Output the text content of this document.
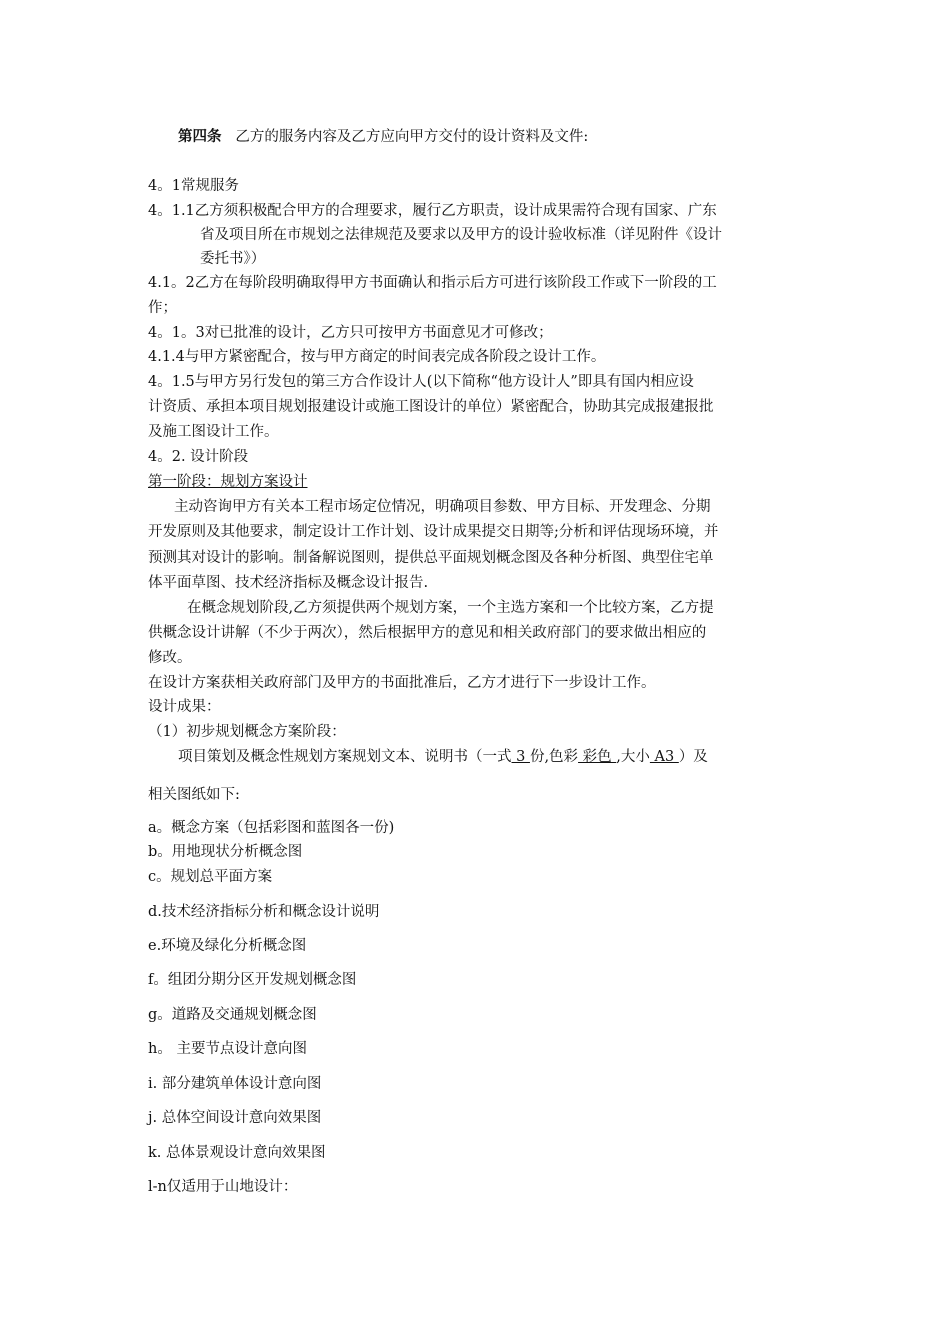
第四条 乙方的服务内容及乙方应向甲方交付的设计资料及文件:
4。1常规服务
4。1.1乙方须积极配合甲方的合理要求，履行乙方职责，设计成果需符合现有国家、广东
省及项目所在市规划之法律规范及要求以及甲方的设计验收标准（详见附件《设计
委托书》）
4.1。2乙方在每阶段明确取得甲方书面确认和指示后方可进行该阶段工作或下一阶段的工
作；
4。1。3对已批准的设计，乙方只可按甲方书面意见才可修改；
4.1.4与甲方紧密配合，按与甲方商定的时间表完成各阶段之设计工作。
4。1.5与甲方另行发包的第三方合作设计人(以下简称“他方设计人”即具有国内相应设
计资质、承担本项目规划报建设计或施工图设计的单位）紧密配合，协助其完成报建报批
及施工图设计工作。
4。2. 设计阶段
第一阶段：规划方案设计
主动咨询甲方有关本工程市场定位情况，明确项目参数、甲方目标、开发理念、分期
开发原则及其他要求，制定设计工作计划、设计成果提交日期等;分析和评估现场环境，并
预测其对设计的影响。制备解说图则，提供总平面规划概念图及各种分析图、典型住宅单
体平面草图、技术经济指标及概念设计报告.
在概念规划阶段,乙方须提供两个规划方案，一个主选方案和一个比较方案，乙方提
供概念设计讲解（不少于两次），然后根据甲方的意见和相关政府部门的要求做出相应的
修改。
在设计方案获相关政府部门及甲方的书面批准后，乙方才进行下一步设计工作。
设计成果：
（1）初步规划概念方案阶段：
项目策划及概念性规划方案规划文本、说明书（一式 3 份,色彩 彩色 ,大小 A3 ）及
相关图纸如下:
a。概念方案（包括彩图和蓝图各一份)
b。用地现状分析概念图
c。规划总平面方案
d.技术经济指标分析和概念设计说明
e.环境及绿化分析概念图
f。组团分期分区开发规划概念图
g。道路及交通规划概念图
h。 主要节点设计意向图
i. 部分建筑单体设计意向图
j. 总体空间设计意向效果图
k. 总体景观设计意向效果图
l-n仅适用于山地设计：
